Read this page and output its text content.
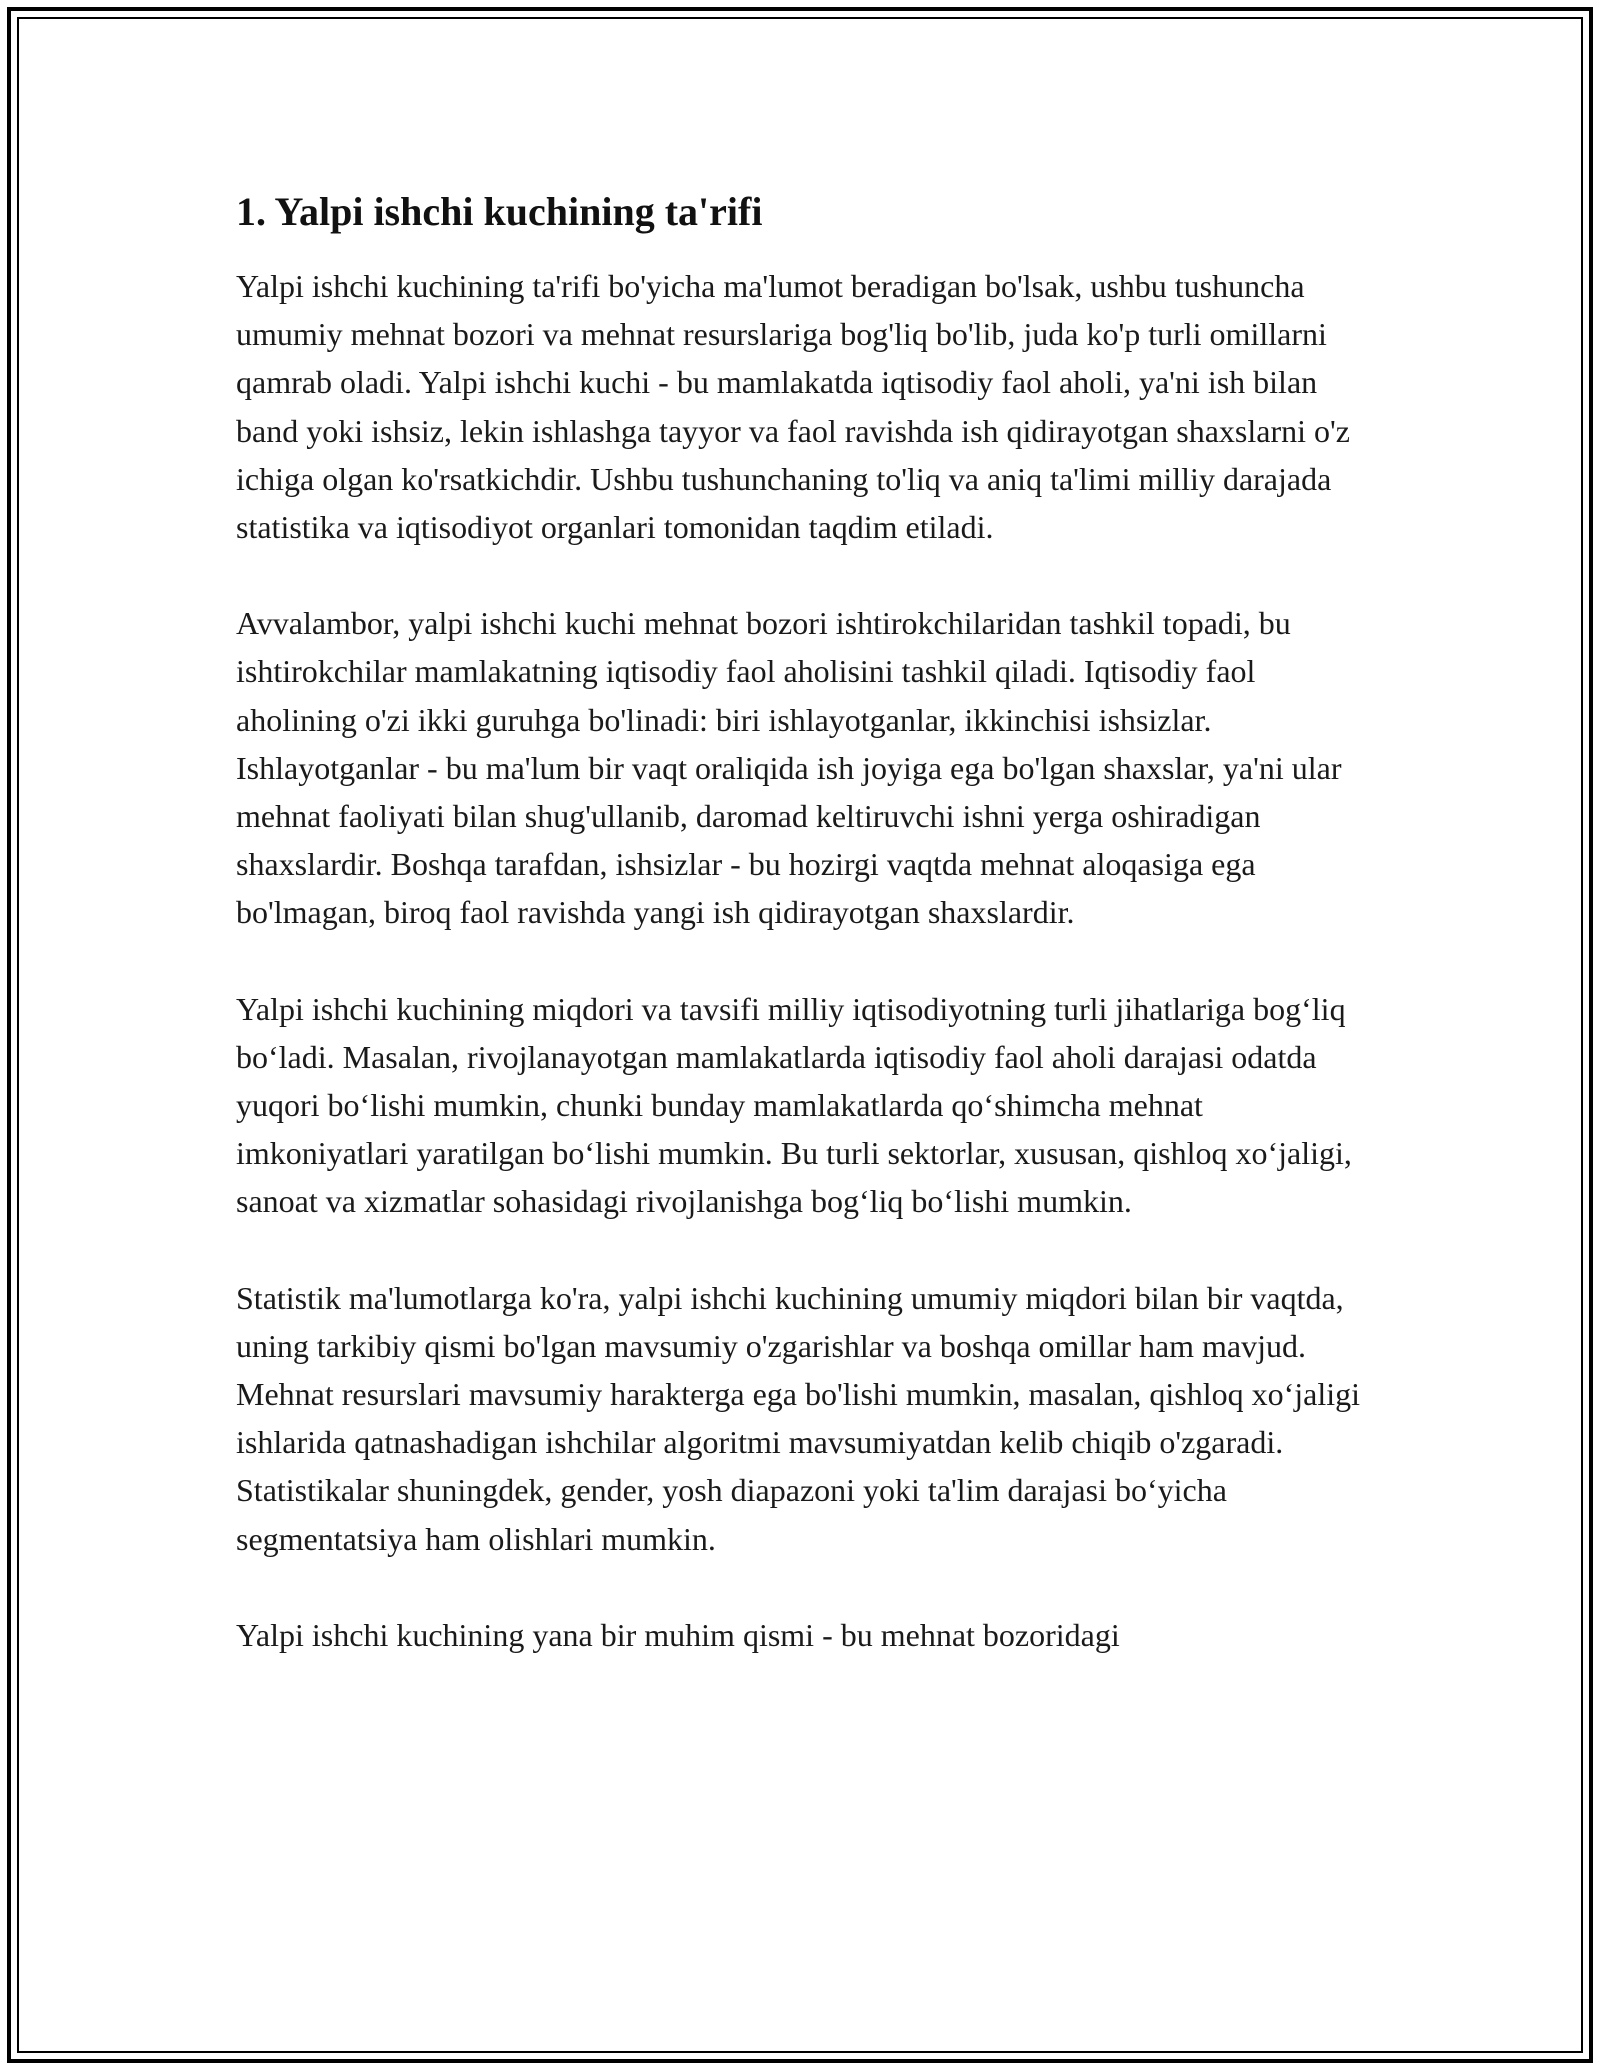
1. Yalpi ishchi kuchining ta'rifi

Yalpi ishchi kuchining ta'rifi bo'yicha ma'lumot beradigan bo'lsak, ushbu tushuncha umumiy mehnat bozori va mehnat resurslariga bog'liq bo'lib, juda ko'p turli omillarni qamrab oladi. Yalpi ishchi kuchi - bu mamlakatda iqtisodiy faol aholi, ya'ni ish bilan band yoki ishsiz, lekin ishlashga tayyor va faol ravishda ish qidirayotgan shaxslarni o'z ichiga olgan ko'rsatkichdir. Ushbu tushunchaning to'liq va aniq ta'limi milliy darajada statistika va iqtisodiyot organlari tomonidan taqdim etiladi.

Avvalambor, yalpi ishchi kuchi mehnat bozori ishtirokchilaridan tashkil topadi, bu ishtirokchilar mamlakatning iqtisodiy faol aholisini tashkil qiladi. Iqtisodiy faol aholining o'zi ikki guruhga bo'linadi: biri ishlayotganlar, ikkinchisi ishsizlar. Ishlayotganlar - bu ma'lum bir vaqt oraliqida ish joyiga ega bo'lgan shaxslar, ya'ni ular mehnat faoliyati bilan shug'ullanib, daromad keltiruvchi ishni yerga oshiradigan shaxslardir. Boshqa tarafdan, ishsizlar - bu hozirgi vaqtda mehnat aloqasiga ega bo'lmagan, biroq faol ravishda yangi ish qidirayotgan shaxslardir.

Yalpi ishchi kuchining miqdori va tavsifi milliy iqtisodiyotning turli jihatlariga bog‘liq bo‘ladi. Masalan, rivojlanayotgan mamlakatlarda iqtisodiy faol aholi darajasi odatda yuqori bo‘lishi mumkin, chunki bunday mamlakatlarda qo‘shimcha mehnat imkoniyatlari yaratilgan bo‘lishi mumkin. Bu turli sektorlar, xususan, qishloq xo‘jaligi, sanoat va xizmatlar sohasidagi rivojlanishga bog‘liq bo‘lishi mumkin.

Statistik ma'lumotlarga ko'ra, yalpi ishchi kuchining umumiy miqdori bilan bir vaqtda, uning tarkibiy qismi bo'lgan mavsumiy o'zgarishlar va boshqa omillar ham mavjud. Mehnat resurslari mavsumiy harakterga ega bo'lishi mumkin, masalan, qishloq xo‘jaligi ishlarida qatnashadigan ishchilar algoritmi mavsumiyatdan kelib chiqib o'zgaradi. Statistikalar shuningdek, gender, yosh diapazoni yoki ta'lim darajasi bo‘yicha segmentatsiya ham olishlari mumkin.

Yalpi ishchi kuchining yana bir muhim qismi - bu mehnat bozoridagi
